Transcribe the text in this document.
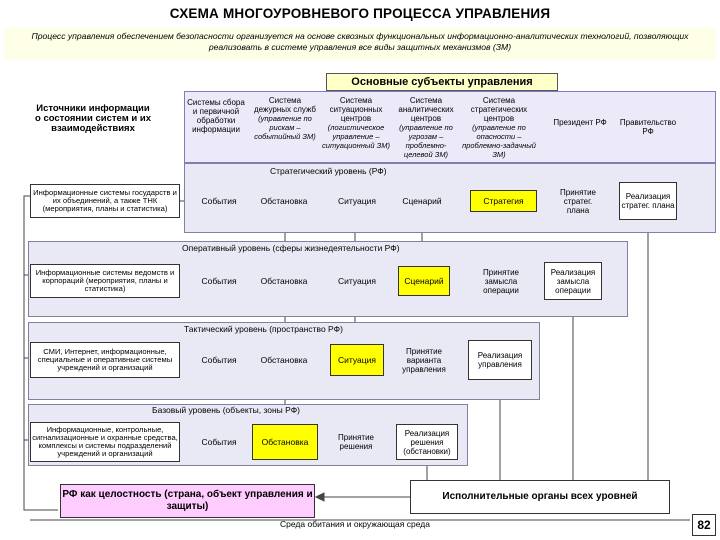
СХЕМА МНОГОУРОВНЕВОГО ПРОЦЕССА УПРАВЛЕНИЯ
Процесс управления обеспечением безопасности организуется на основе сквозных функциональных информационно-аналитических технологий, позволяющих реализовать в системе управления все виды защитных механизмов (ЗМ)
Основные субъекты управления
Источники информации о состоянии систем и их взаимодействиях
Системы сбора и первичной обработки информации
Система дежурных служб
(управление по рискам – событийный ЗМ)
Система ситуационных центров
(логистическое управление – ситуационный ЗМ)
Система аналитических центров
(управление по угрозам – проблемно-целевой ЗМ)
Система стратегических центров
(управление по опасности – проблемно-задачный ЗМ)
Президент РФ	Правительство РФ
Стратегический уровень (РФ)
Оперативный уровень (сферы жизнедеятельности РФ)
Тактический уровень (пространство РФ)
Базовый уровень (объекты, зоны РФ)
Информационные системы государств и их объединений, а также ТНК (мероприятия, планы и статистика)
События	Обстановка	Ситуация	Сценарий	Стратегия
Принятие стратег. плана
Реализация стратег. плана
Информационные системы ведомств и корпораций (мероприятия, планы и статистика)
События	Обстановка	Ситуация	Сценарий
Принятие замысла операции
Реализация замысла операции
СМИ, Интернет, информационные, специальные и оперативные системы учреждений и организаций
События	Обстановка	Ситуация
Принятие варианта управления
Реализация управления
Информационные, контрольные, сигнализационные и охранные средства, комплексы и системы подразделений учреждений и организаций
События	Обстановка	Принятие решения
Реализация решения (обстановки)
РФ как целостность (страна, объект управления и защиты)
Исполнительные органы всех уровней
Среда обитания и окружающая среда	82
